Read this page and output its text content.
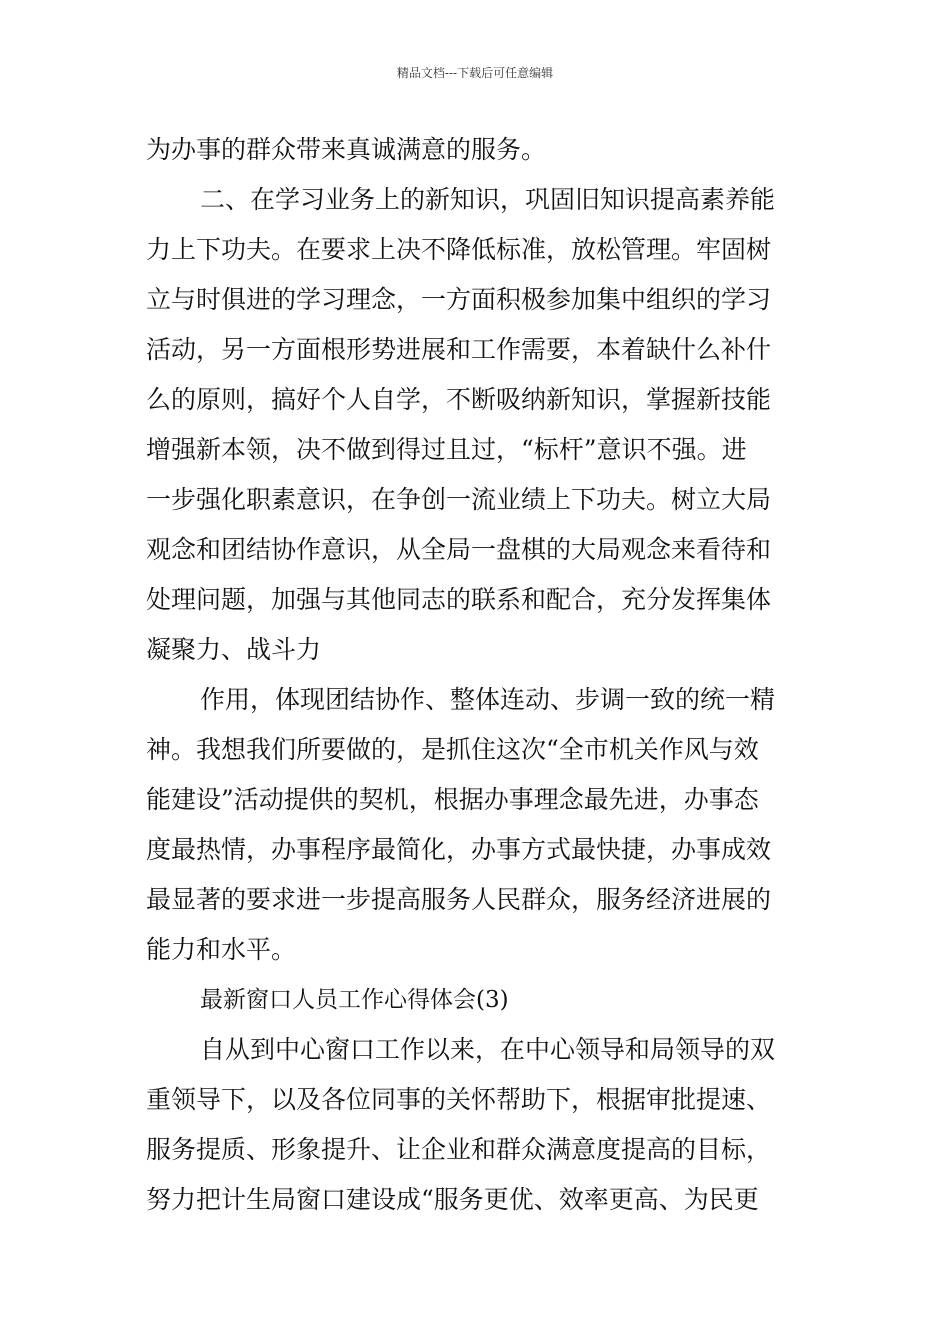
精品文档---下载后可任意编辑
为办事的群众带来真诚满意的服务。
二、在学习业务上的新知识，巩固旧知识提高素养能
力上下功夫。在要求上决不降低标准，放松管理。牢固树
立与时俱进的学习理念，一方面积极参加集中组织的学习
活动，另一方面根形势进展和工作需要，本着缺什么补什
么的原则，搞好个人自学，不断吸纳新知识，掌握新技能
增强新本领，决不做到得过且过，“标杆”意识不强。进
一步强化职素意识，在争创一流业绩上下功夫。树立大局
观念和团结协作意识，从全局一盘棋的大局观念来看待和
处理问题，加强与其他同志的联系和配合，充分发挥集体
凝聚力、战斗力
作用，体现团结协作、整体连动、步调一致的统一精
神。我想我们所要做的，是抓住这次“全市机关作风与效
能建设”活动提供的契机，根据办事理念最先进，办事态
度最热情，办事程序最简化，办事方式最快捷，办事成效
最显著的要求进一步提高服务人民群众，服务经济进展的
能力和水平。
最新窗口人员工作心得体会(3)
自从到中心窗口工作以来，在中心领导和局领导的双
重领导下，以及各位同事的关怀帮助下，根据审批提速、
服务提质、形象提升、让企业和群众满意度提高的目标，
努力把计生局窗口建设成“服务更优、效率更高、为民更
